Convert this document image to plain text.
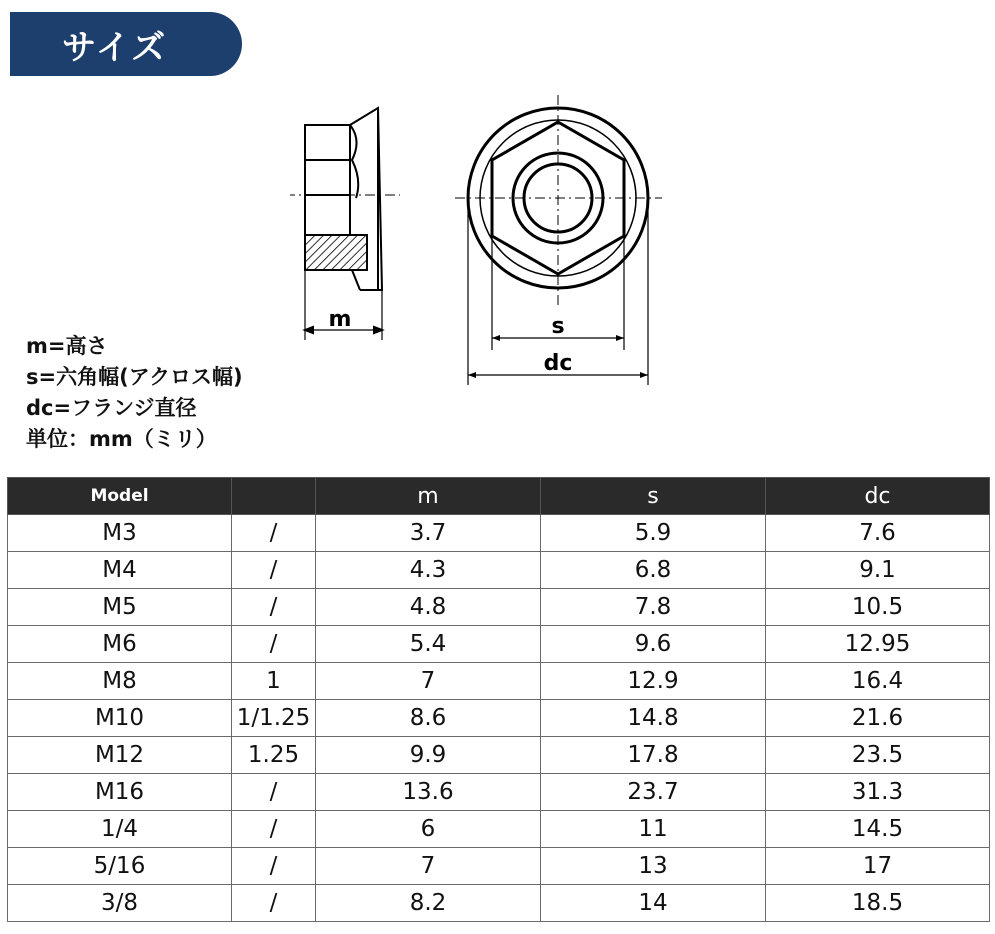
サイズ
m	s
dc
m=高さ
s=六角幅(アクロス幅)
dc=フランジ直径
単位：mm（ミリ）
Model		m	s	dc
M3	/	3.7	5.9	7.6
M4	/	4.3	6.8	9.1
M5	/	4.8	7.8	10.5
M6	/	5.4	9.6	12.95
M8	1	7	12.9	16.4
M10	1/1.25	8.6	14.8	21.6
M12	1.25	9.9	17.8	23.5
M16	/	13.6	23.7	31.3
1/4	/	6	11	14.5
5/16	/	7	13	17
3/8	/	8.2	14	18.5
